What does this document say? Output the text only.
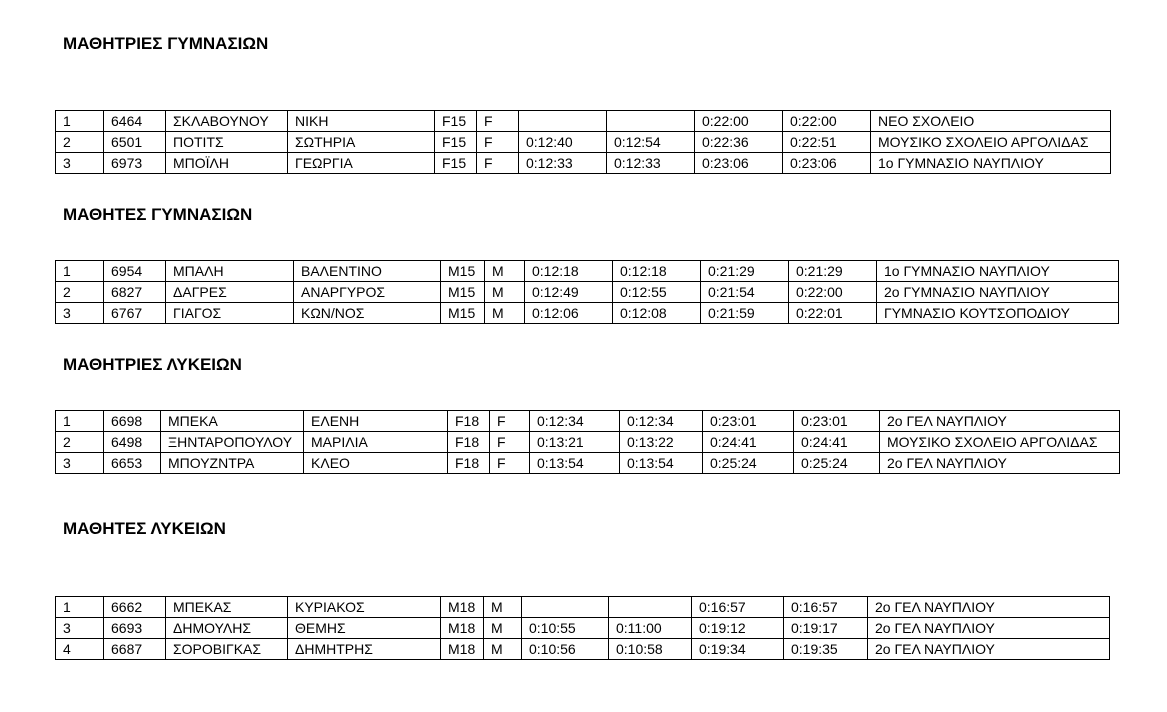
ΜΑΘΗΤΡΙΕΣ ΓΥΜΝΑΣΙΩΝ
1	6464	ΣΚΛΑΒΟΥΝΟΥ	ΝΙΚΗ	F15	F			0:22:00	0:22:00	ΝΕΟ ΣΧΟΛΕΙΟ
2	6501	ΠΟΤΙΤΣ	ΣΩΤΗΡΙΑ	F15	F	0:12:40	0:12:54	0:22:36	0:22:51	ΜΟΥΣΙΚΟ ΣΧΟΛΕΙΟ ΑΡΓΟΛΙΔΑΣ
3	6973	ΜΠΟΪΛΗ	ΓΕΩΡΓΙΑ	F15	F	0:12:33	0:12:33	0:23:06	0:23:06	1ο ΓΥΜΝΑΣΙΟ ΝΑΥΠΛΙΟΥ
ΜΑΘΗΤΕΣ ΓΥΜΝΑΣΙΩΝ
1	6954	ΜΠΑΛΗ	ΒΑΛΕΝΤΙΝΟ	M15	M	0:12:18	0:12:18	0:21:29	0:21:29	1ο ΓΥΜΝΑΣΙΟ ΝΑΥΠΛΙΟΥ
2	6827	ΔΑΓΡΕΣ	ΑΝΑΡΓΥΡΟΣ	M15	M	0:12:49	0:12:55	0:21:54	0:22:00	2ο ΓΥΜΝΑΣΙΟ ΝΑΥΠΛΙΟΥ
3	6767	ΓΙΑΓΟΣ	ΚΩΝ/ΝΟΣ	M15	M	0:12:06	0:12:08	0:21:59	0:22:01	ΓΥΜΝΑΣΙΟ ΚΟΥΤΣΟΠΟΔΙΟΥ
ΜΑΘΗΤΡΙΕΣ ΛΥΚΕΙΩΝ
1	6698	ΜΠΕΚΑ	ΕΛΕΝΗ	F18	F	0:12:34	0:12:34	0:23:01	0:23:01	2ο ΓΕΛ ΝΑΥΠΛΙΟΥ
2	6498	ΞΗΝΤΑΡΟΠΟΥΛΟΥ	ΜΑΡΙΛΙΑ	F18	F	0:13:21	0:13:22	0:24:41	0:24:41	ΜΟΥΣΙΚΟ ΣΧΟΛΕΙΟ ΑΡΓΟΛΙΔΑΣ
3	6653	ΜΠΟΥΖΝΤΡΑ	ΚΛΕΟ	F18	F	0:13:54	0:13:54	0:25:24	0:25:24	2ο ΓΕΛ ΝΑΥΠΛΙΟΥ
ΜΑΘΗΤΕΣ ΛΥΚΕΙΩΝ
1	6662	ΜΠΕΚΑΣ	ΚΥΡΙΑΚΟΣ	M18	M			0:16:57	0:16:57	2ο ΓΕΛ ΝΑΥΠΛΙΟΥ
3	6693	ΔΗΜΟΥΛΗΣ	ΘΕΜΗΣ	M18	M	0:10:55	0:11:00	0:19:12	0:19:17	2ο ΓΕΛ ΝΑΥΠΛΙΟΥ
4	6687	ΣΟΡΟΒΙΓΚΑΣ	ΔΗΜΗΤΡΗΣ	M18	M	0:10:56	0:10:58	0:19:34	0:19:35	2ο ΓΕΛ ΝΑΥΠΛΙΟΥ
